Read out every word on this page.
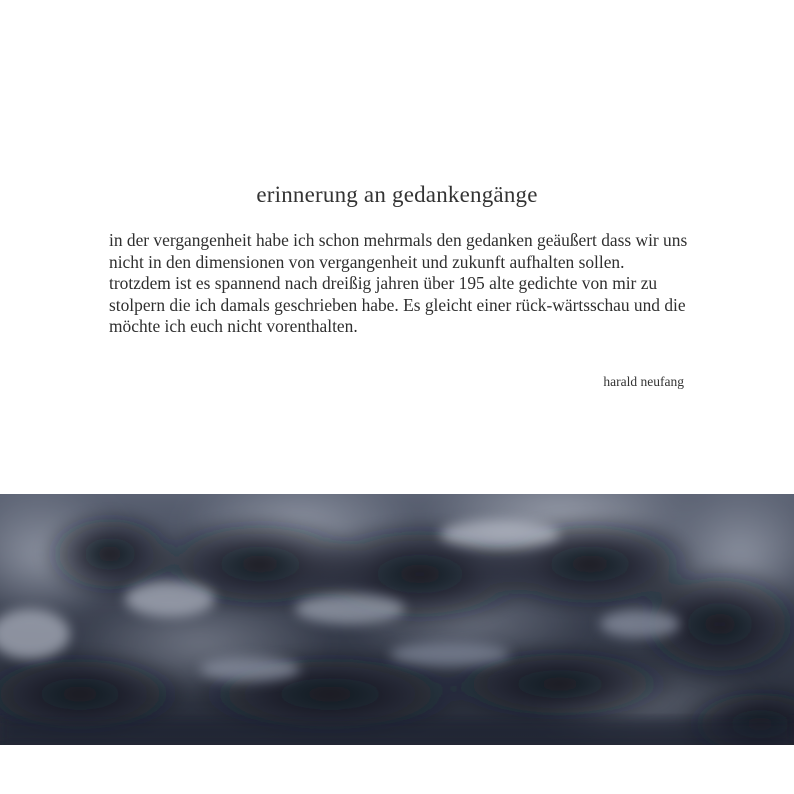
erinnerung an gedankengänge

in der vergangenheit habe ich schon mehrmals den gedanken geäußert dass wir uns nicht in den dimensionen von vergangenheit und zukunft aufhalten sollen.

trotzdem ist es spannend nach dreißig jahren über 195 alte gedichte von mir zu stolpern die ich damals geschrieben habe. Es gleicht einer rück-wärtsschau und die möchte ich euch nicht vorenthalten.

harald neufang
